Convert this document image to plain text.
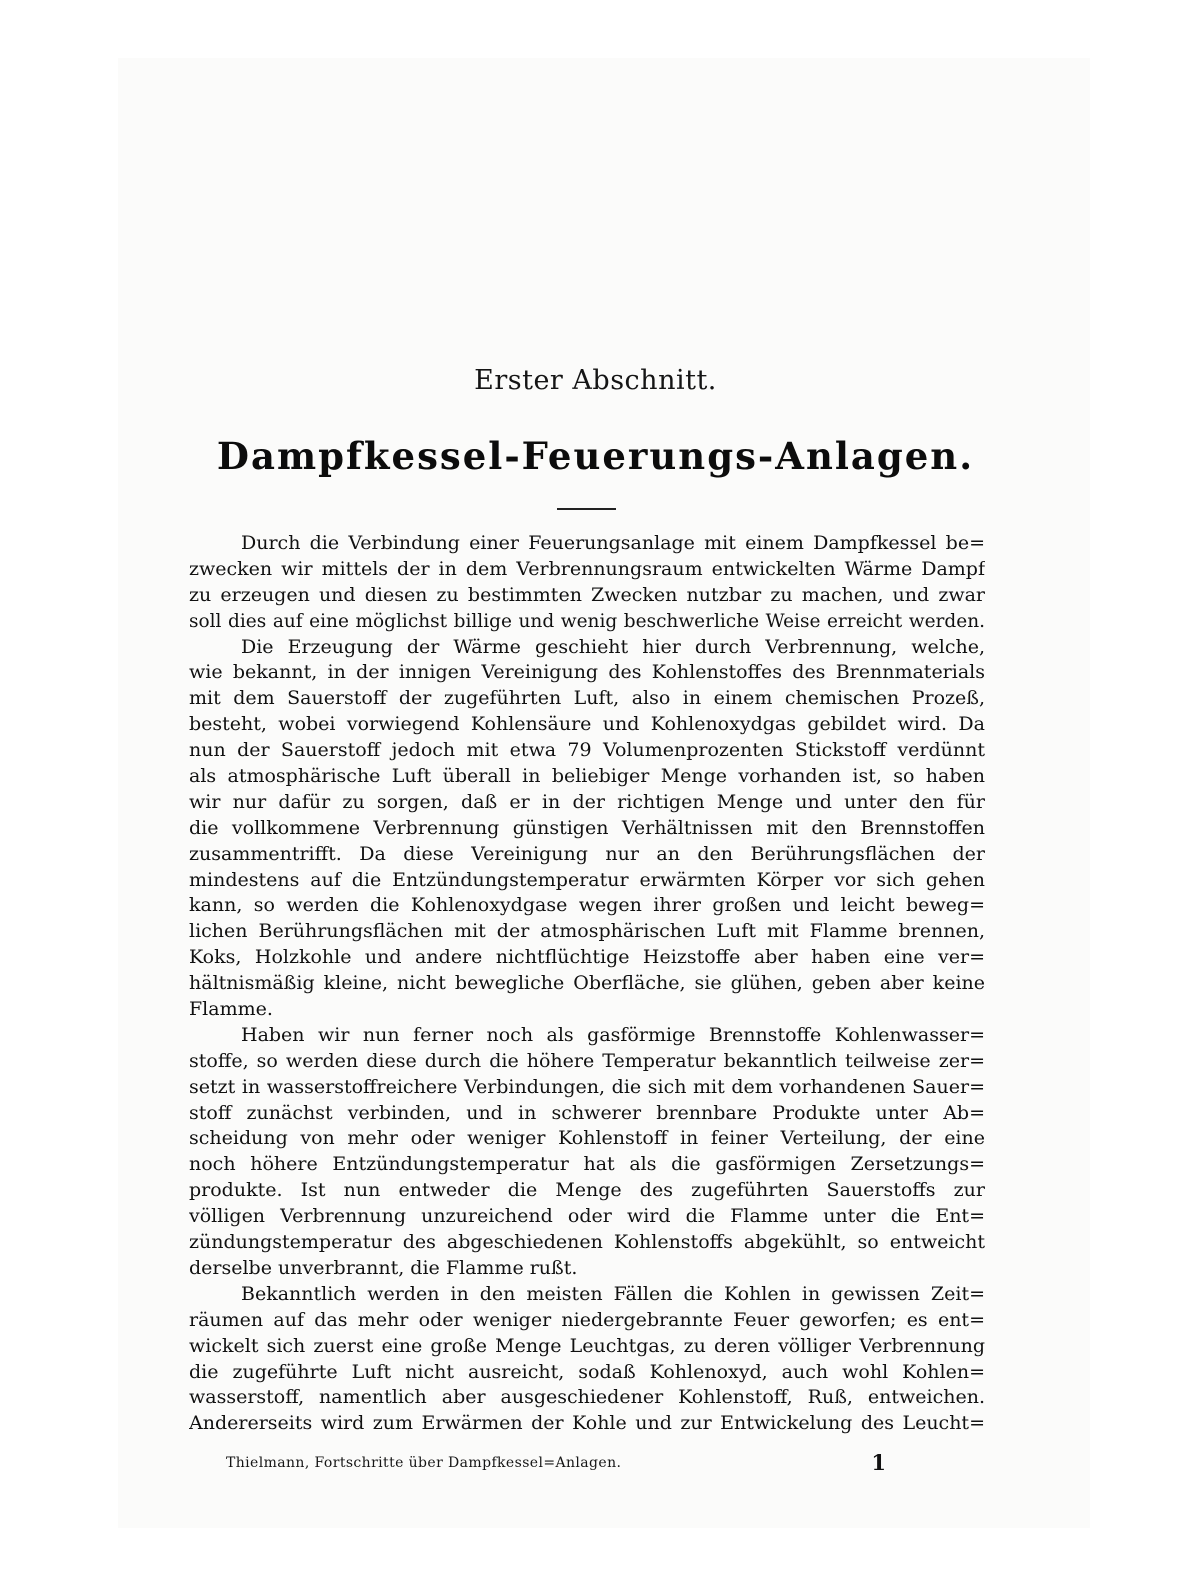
Erster Abschnitt.
Dampfkessel-Feuerungs-Anlagen.
Durch die Verbindung einer Feuerungsanlage mit einem Dampfkessel be=
zwecken wir mittels der in dem Verbrennungsraum entwickelten Wärme Dampf
zu erzeugen und diesen zu bestimmten Zwecken nutzbar zu machen, und zwar
soll dies auf eine möglichst billige und wenig beschwerliche Weise erreicht werden.
Die Erzeugung der Wärme geschieht hier durch Verbrennung, welche,
wie bekannt, in der innigen Vereinigung des Kohlenstoffes des Brennmaterials
mit dem Sauerstoff der zugeführten Luft, also in einem chemischen Prozeß,
besteht, wobei vorwiegend Kohlensäure und Kohlenoxydgas gebildet wird. Da
nun der Sauerstoff jedoch mit etwa 79 Volumenprozenten Stickstoff verdünnt
als atmosphärische Luft überall in beliebiger Menge vorhanden ist, so haben
wir nur dafür zu sorgen, daß er in der richtigen Menge und unter den für
die vollkommene Verbrennung günstigen Verhältnissen mit den Brennstoffen
zusammentrifft. Da diese Vereinigung nur an den Berührungsflächen der
mindestens auf die Entzündungstemperatur erwärmten Körper vor sich gehen
kann, so werden die Kohlenoxydgase wegen ihrer großen und leicht beweg=
lichen Berührungsflächen mit der atmosphärischen Luft mit Flamme brennen,
Koks, Holzkohle und andere nichtflüchtige Heizstoffe aber haben eine ver=
hältnismäßig kleine, nicht bewegliche Oberfläche, sie glühen, geben aber keine
Flamme.
Haben wir nun ferner noch als gasförmige Brennstoffe Kohlenwasser=
stoffe, so werden diese durch die höhere Temperatur bekanntlich teilweise zer=
setzt in wasserstoffreichere Verbindungen, die sich mit dem vorhandenen Sauer=
stoff zunächst verbinden, und in schwerer brennbare Produkte unter Ab=
scheidung von mehr oder weniger Kohlenstoff in feiner Verteilung, der eine
noch höhere Entzündungstemperatur hat als die gasförmigen Zersetzungs=
produkte. Ist nun entweder die Menge des zugeführten Sauerstoffs zur
völligen Verbrennung unzureichend oder wird die Flamme unter die Ent=
zündungstemperatur des abgeschiedenen Kohlenstoffs abgekühlt, so entweicht
derselbe unverbrannt, die Flamme rußt.
Bekanntlich werden in den meisten Fällen die Kohlen in gewissen Zeit=
räumen auf das mehr oder weniger niedergebrannte Feuer geworfen; es ent=
wickelt sich zuerst eine große Menge Leuchtgas, zu deren völliger Verbrennung
die zugeführte Luft nicht ausreicht, sodaß Kohlenoxyd, auch wohl Kohlen=
wasserstoff, namentlich aber ausgeschiedener Kohlenstoff, Ruß, entweichen.
Andererseits wird zum Erwärmen der Kohle und zur Entwickelung des Leucht=
Thielmann, Fortschritte über Dampfkessel=Anlagen.	1
